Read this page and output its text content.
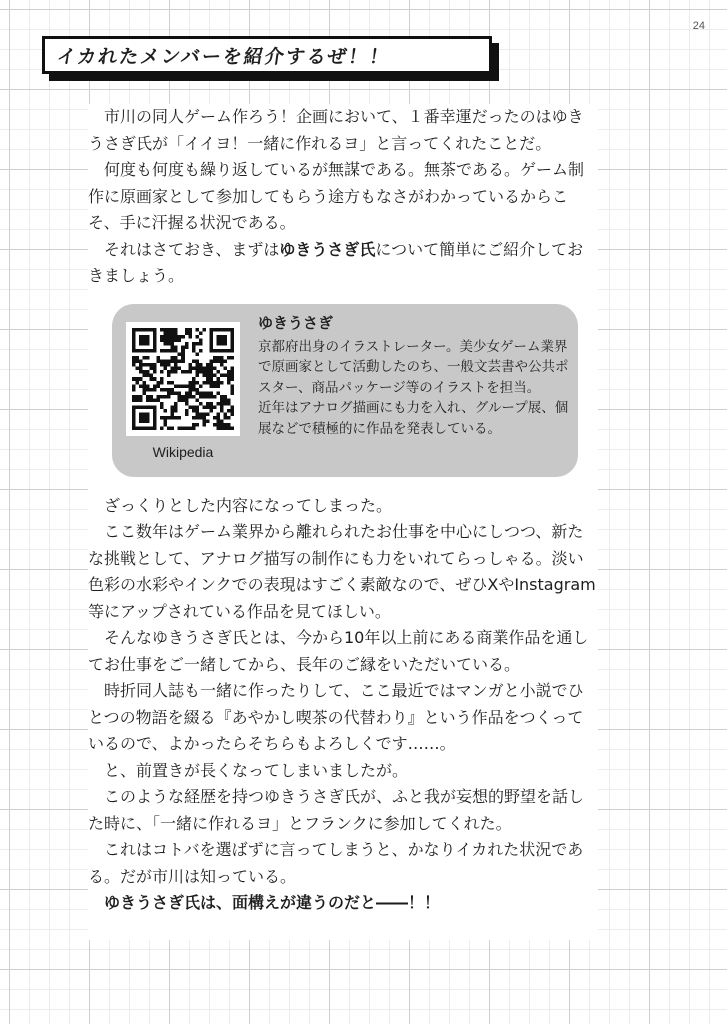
24
イカれたメンバーを紹介するぜ！！

市川の同人ゲーム作ろう！企画において、１番幸運だったのはゆきうさぎ氏が「イイヨ！一緒に作れるヨ」と言ってくれたことだ。

何度も何度も繰り返しているが無謀である。無茶である。ゲーム制作に原画家として参加してもらう途方もなさがわかっているからこそ、手に汗握る状況である。

それはさておき、まずはゆきうさぎ氏について簡単にご紹介しておきましょう。

Wikipedia

ゆきうさぎ

京都府出身のイラストレーター。美少女ゲーム業界で原画家として活動したのち、一般文芸書や公共ポスター、商品パッケージ等のイラストを担当。

近年はアナログ描画にも力を入れ、グループ展、個展などで積極的に作品を発表している。

ざっくりとした内容になってしまった。

ここ数年はゲーム業界から離れられたお仕事を中心にしつつ、新たな挑戦として、アナログ描写の制作にも力をいれてらっしゃる。淡い色彩の水彩やインクでの表現はすごく素敵なので、ぜひXやInstagram等にアップされている作品を見てほしい。

そんなゆきうさぎ氏とは、今から10年以上前にある商業作品を通してお仕事をご一緒してから、長年のご縁をいただいている。

時折同人誌も一緒に作ったりして、ここ最近ではマンガと小説でひとつの物語を綴る『あやかし喫茶の代替わり』という作品をつくっているので、よかったらそちらもよろしくです……。

と、前置きが長くなってしまいましたが。

このような経歴を持つゆきうさぎ氏が、ふと我が妄想的野望を話した時に、「一緒に作れるヨ」とフランクに参加してくれた。

これはコトバを選ばずに言ってしまうと、かなりイカれた状況である。だが市川は知っている。

ゆきうさぎ氏は、面構えが違うのだと――！！
